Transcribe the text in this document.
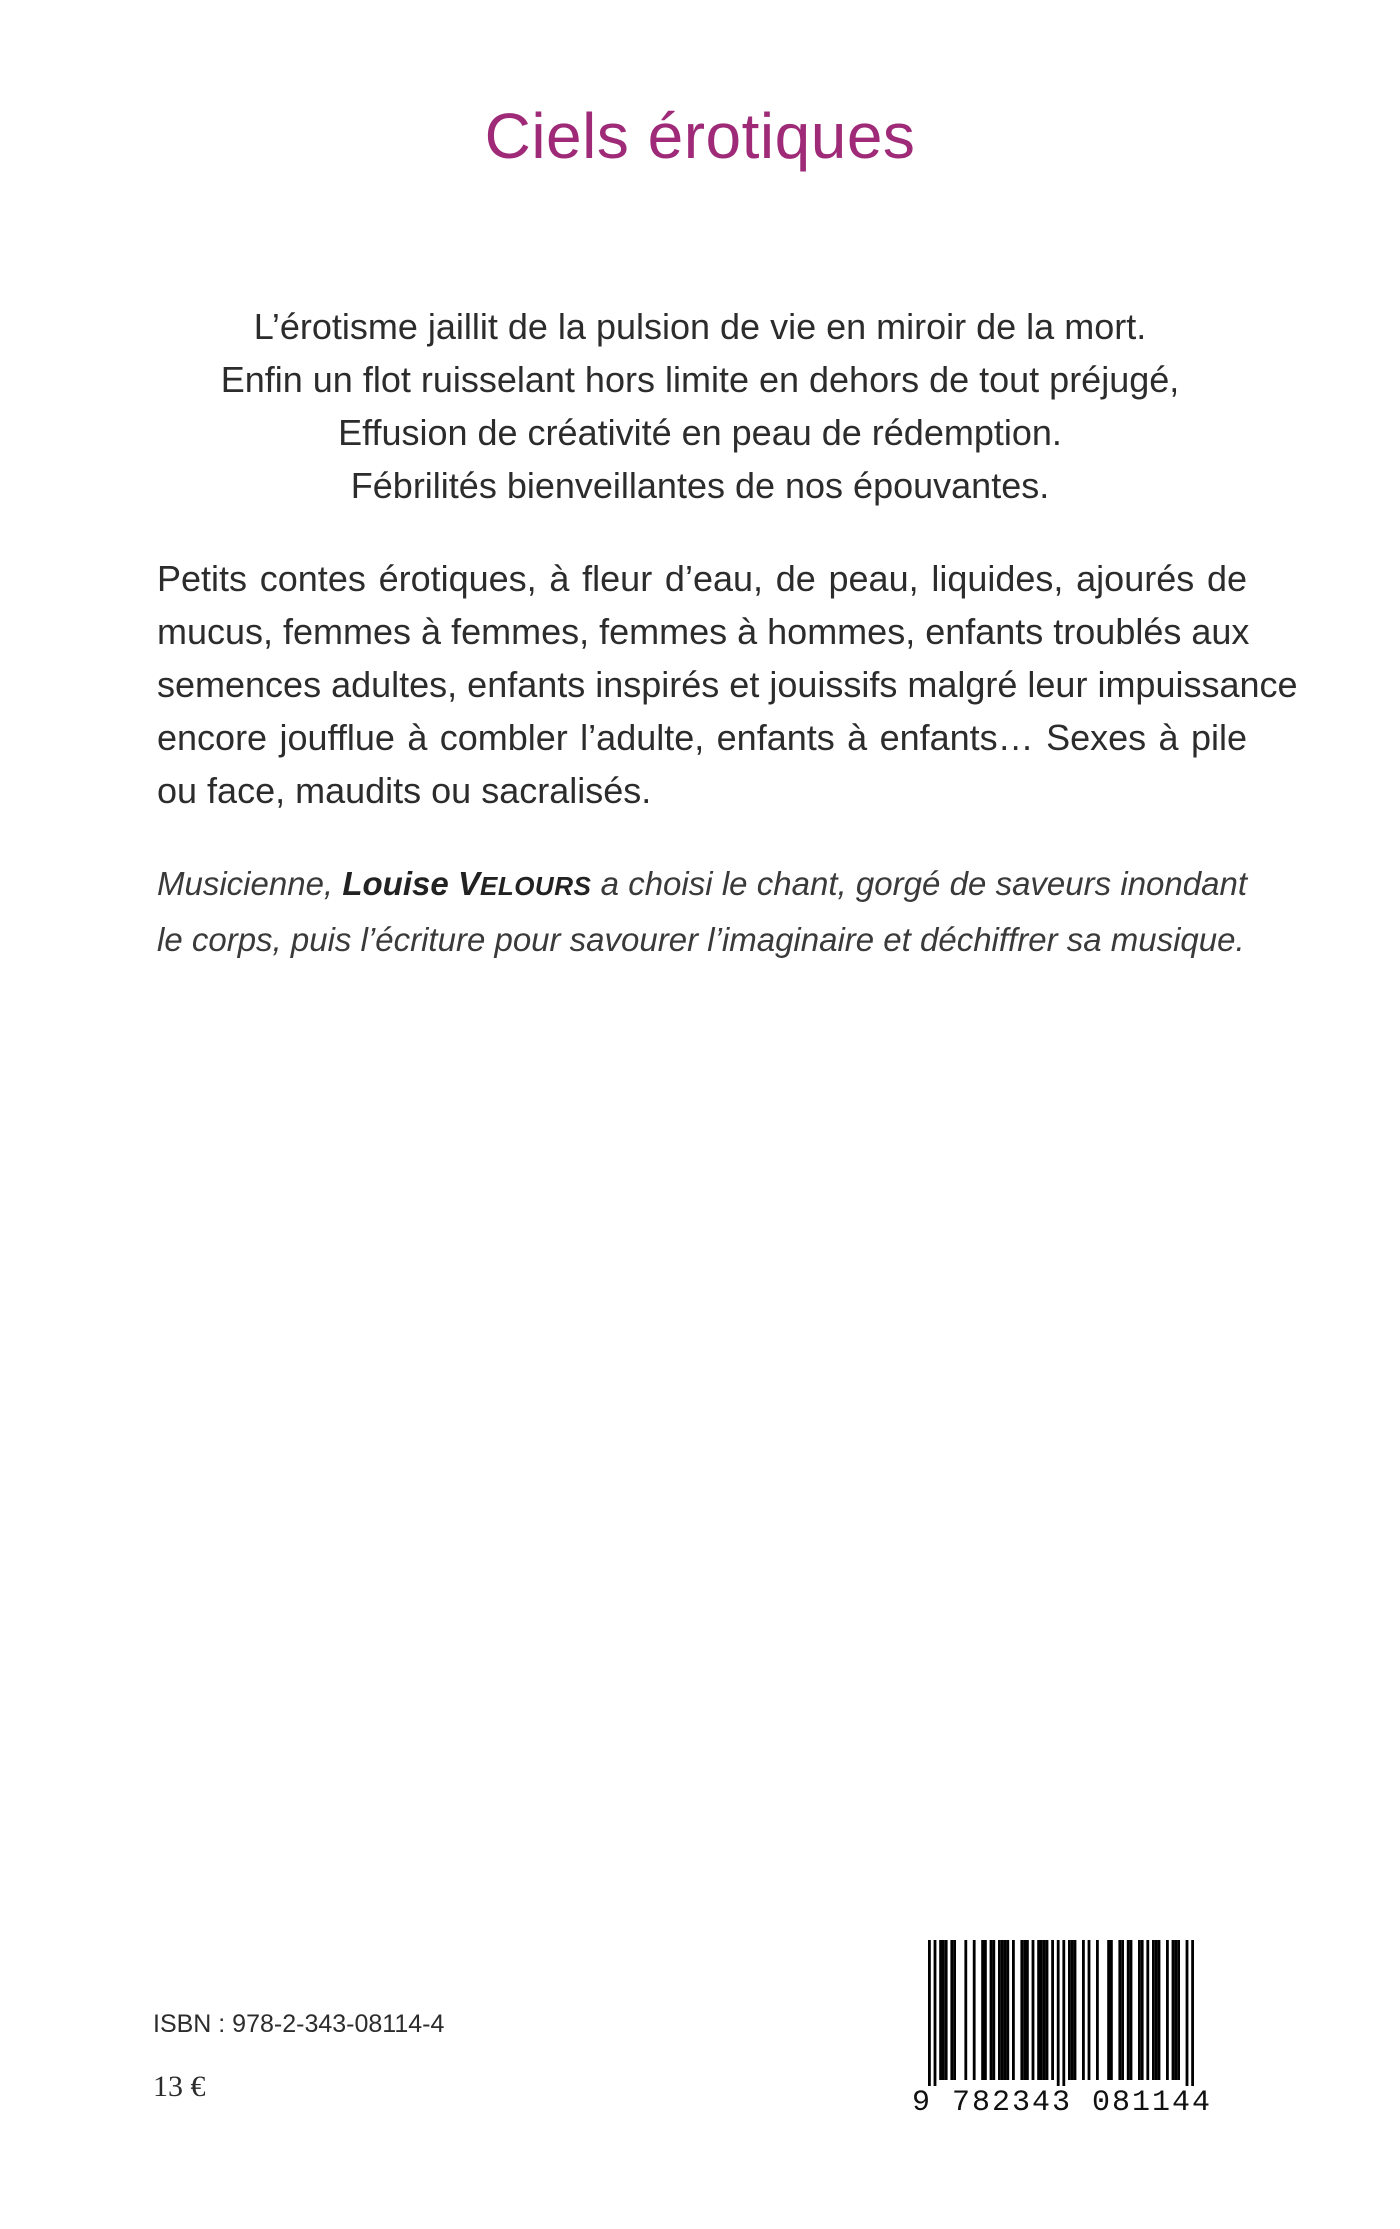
Ciels érotiques
L’érotisme jaillit de la pulsion de vie en miroir de la mort.
Enfin un flot ruisselant hors limite en dehors de tout préjugé,
Effusion de créativité en peau de rédemption.
Fébrilités bienveillantes de nos épouvantes.
Petits contes érotiques, à fleur d’eau, de peau, liquides, ajourés de
mucus, femmes à femmes, femmes à hommes, enfants troublés aux
semences adultes, enfants inspirés et jouissifs malgré leur impuissance
encore joufflue à combler l’adulte, enfants à enfants… Sexes à pile
ou face, maudits ou sacralisés.
Musicienne, Louise VELOURS a choisi le chant, gorgé de saveurs inondant
le corps, puis l’écriture pour savourer l’imaginaire et déchiffrer sa musique.
ISBN : 978-2-343-08114-4
13 €	9 782343 081144
